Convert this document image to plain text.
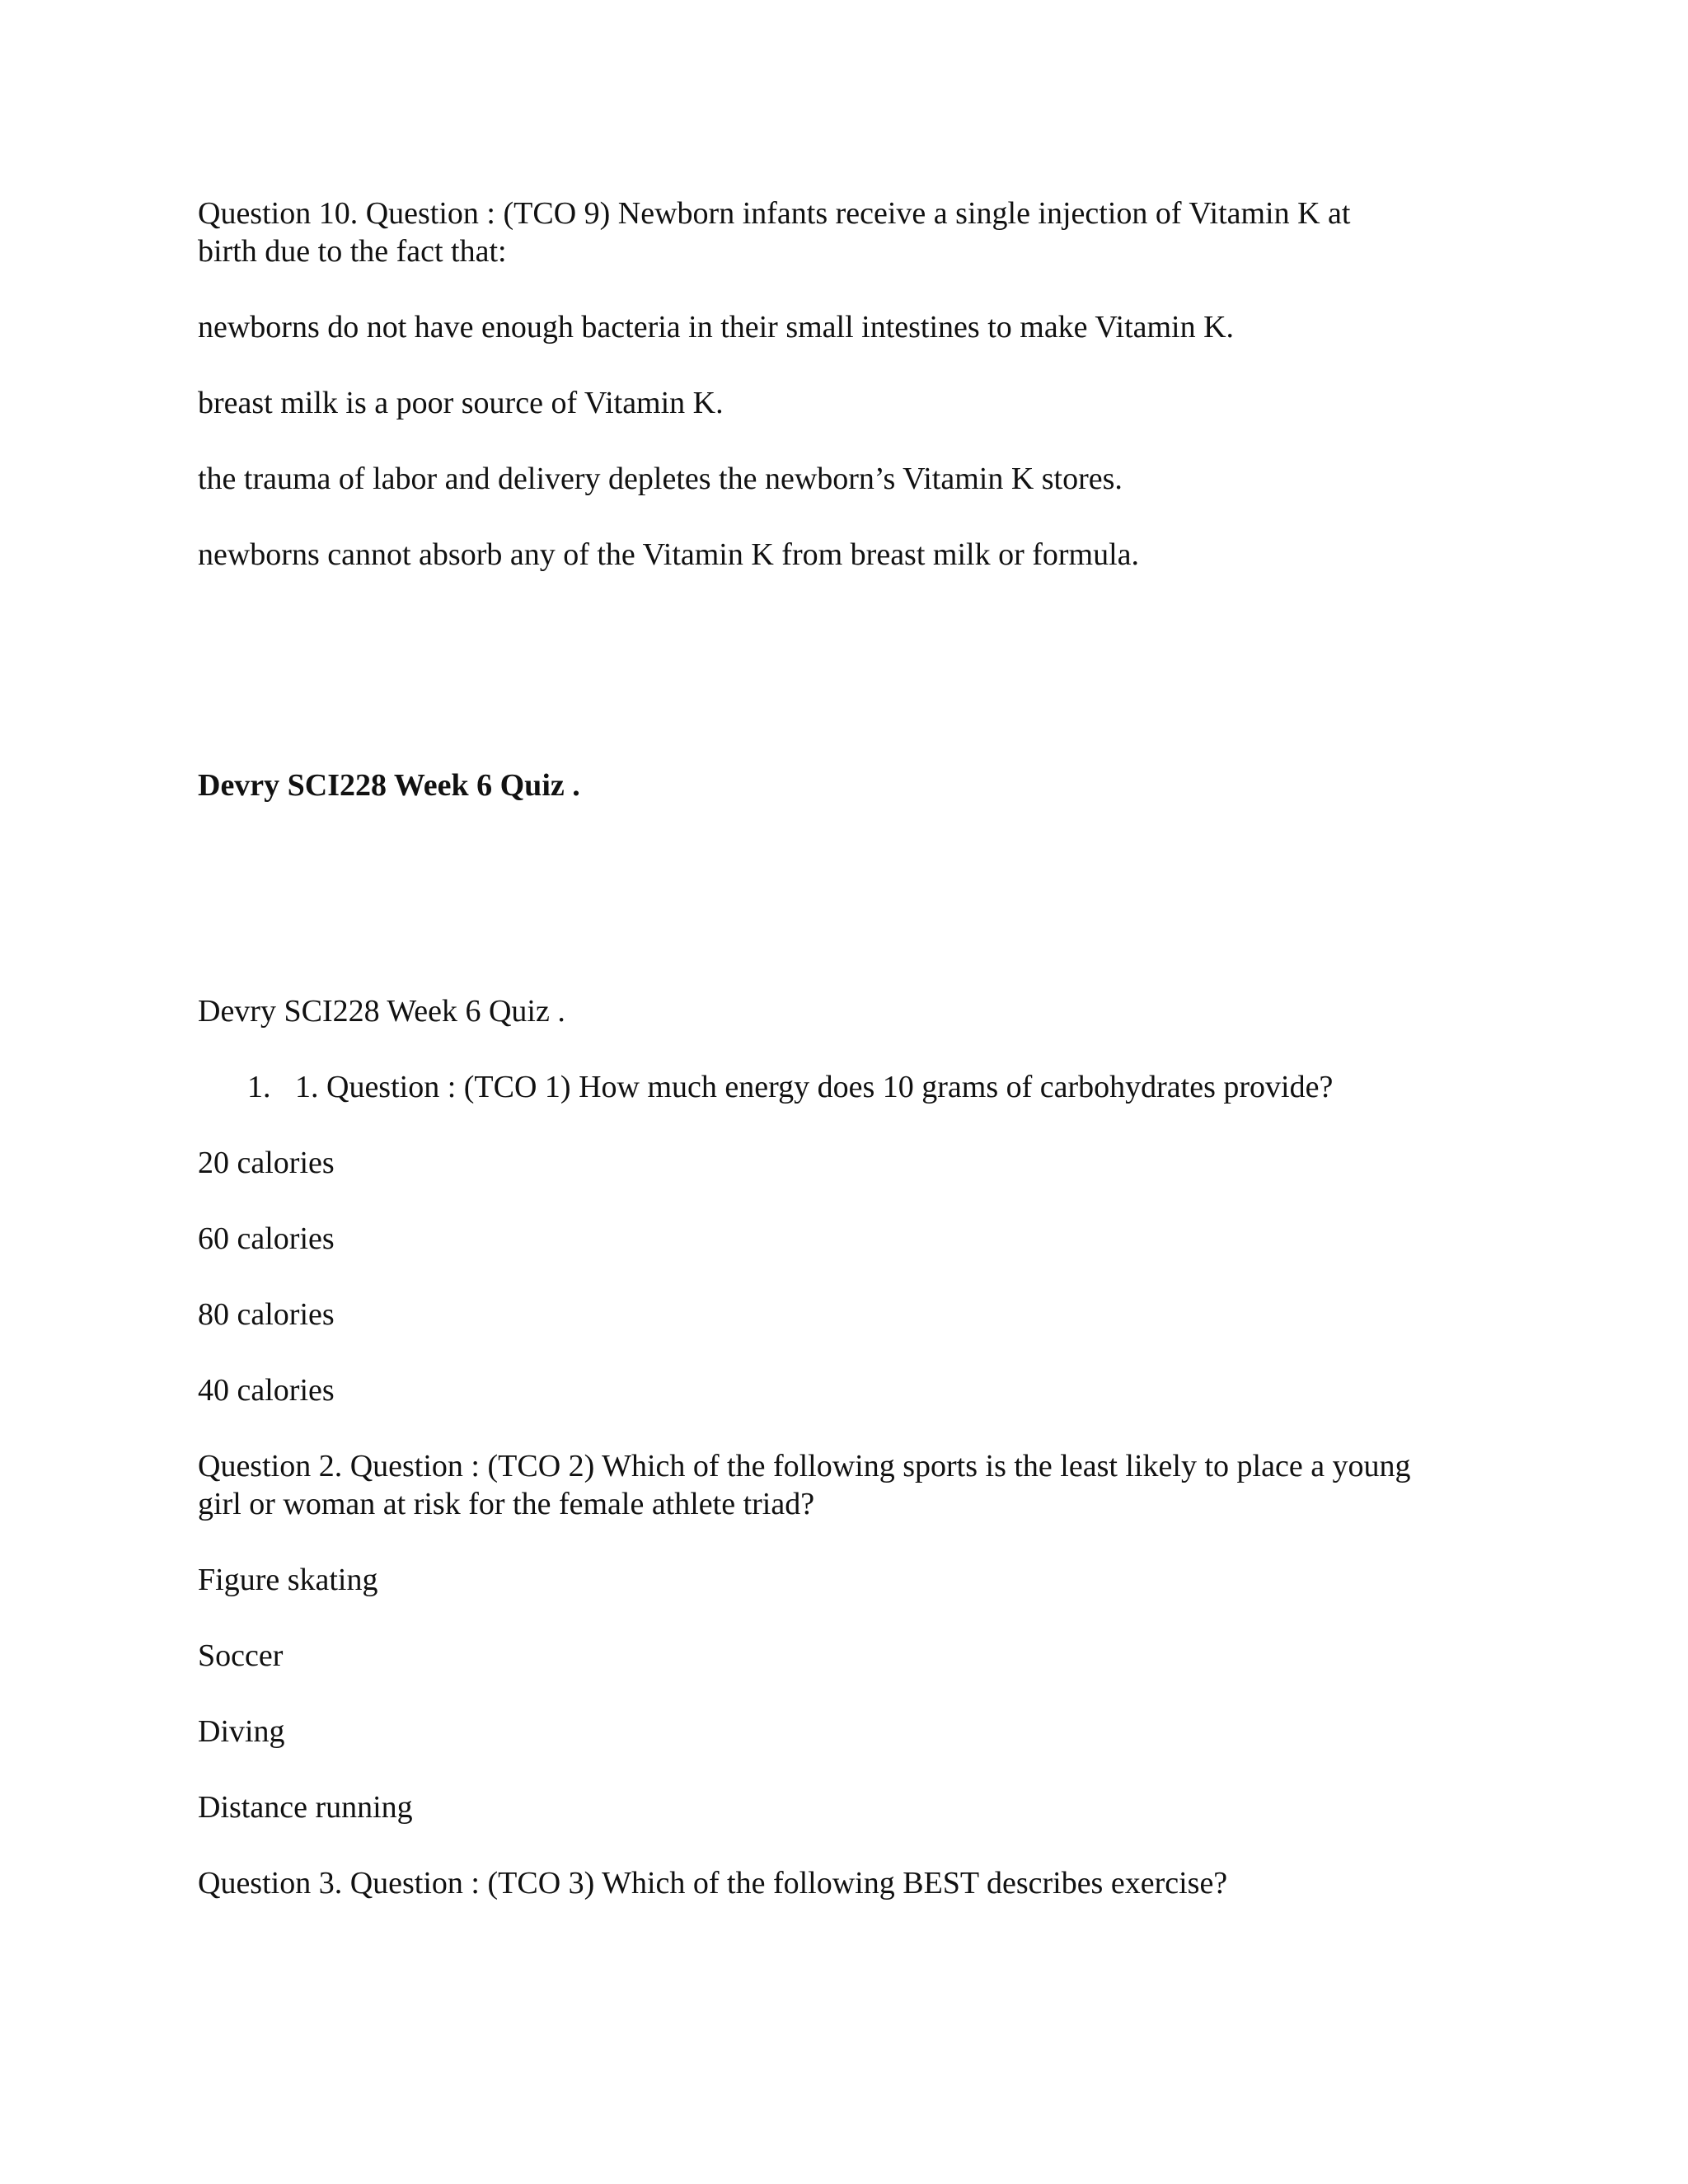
Question 10. Question : (TCO 9) Newborn infants receive a single injection of Vitamin K at

birth due to the fact that:

newborns do not have enough bacteria in their small intestines to make Vitamin K.

breast milk is a poor source of Vitamin K.

the trauma of labor and delivery depletes the newborn’s Vitamin K stores.

newborns cannot absorb any of the Vitamin K from breast milk or formula.

Devry SCI228 Week 6 Quiz .

Devry SCI228 Week 6 Quiz .

1. 1. Question : (TCO 1) How much energy does 10 grams of carbohydrates provide?

20 calories

60 calories

80 calories

40 calories

Question 2. Question : (TCO 2) Which of the following sports is the least likely to place a young

girl or woman at risk for the female athlete triad?

Figure skating

Soccer

Diving

Distance running

Question 3. Question : (TCO 3) Which of the following BEST describes exercise?
